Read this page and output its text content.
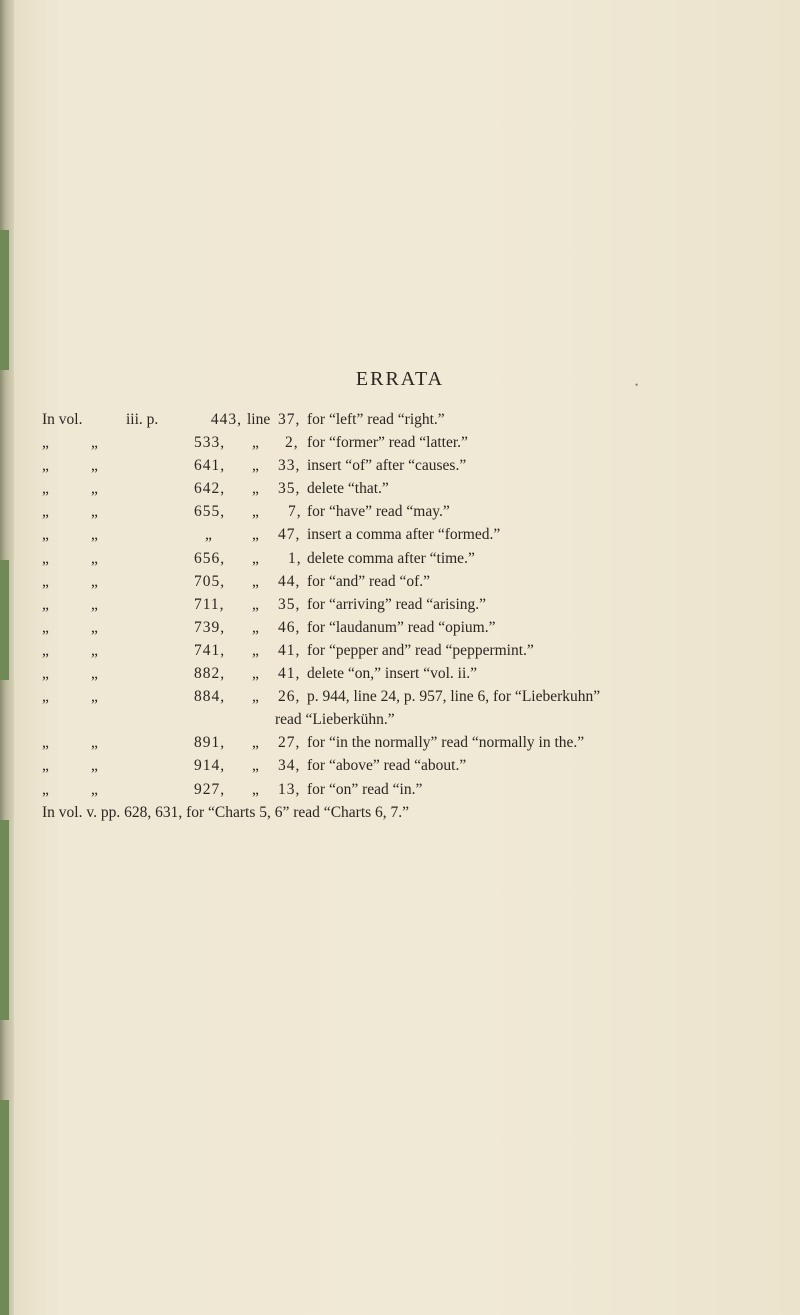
ERRATA	•
In vol.	iii. p.	443, line 37, for “left” read “right.”
„	„	533, „ 2, for “former” read “latter.”
„	„	641, „ 33, insert “of” after “causes.”
„	„	642, „ 35, delete “that.”
„	„	655, „ 7, for “have” read “may.”
„	„	„	„ 47, insert a comma after “formed.”
„	„	656, „ 1, delete comma after “time.”
„	„	705, „ 44, for “and” read “of.”
„	„	711, „ 35, for “arriving” read “arising.”
„	„	739, „ 46, for “laudanum” read “opium.”
„	„	741, „ 41, for “pepper and” read “peppermint.”
„	„	882, „ 41, delete “on,” insert “vol. ii.”
„	„	884, „ 26, p. 944, line 24, p. 957, line 6, for “Lieberkuhn”
read “Lieberkühn.”
„	„	891, „ 27, for “in the normally” read “normally in the.”
„	„	914, „ 34, for “above” read “about.”
„	„	927, „ 13, for “on” read “in.”
In vol. v. pp. 628, 631, for “Charts 5, 6” read “Charts 6, 7.”
